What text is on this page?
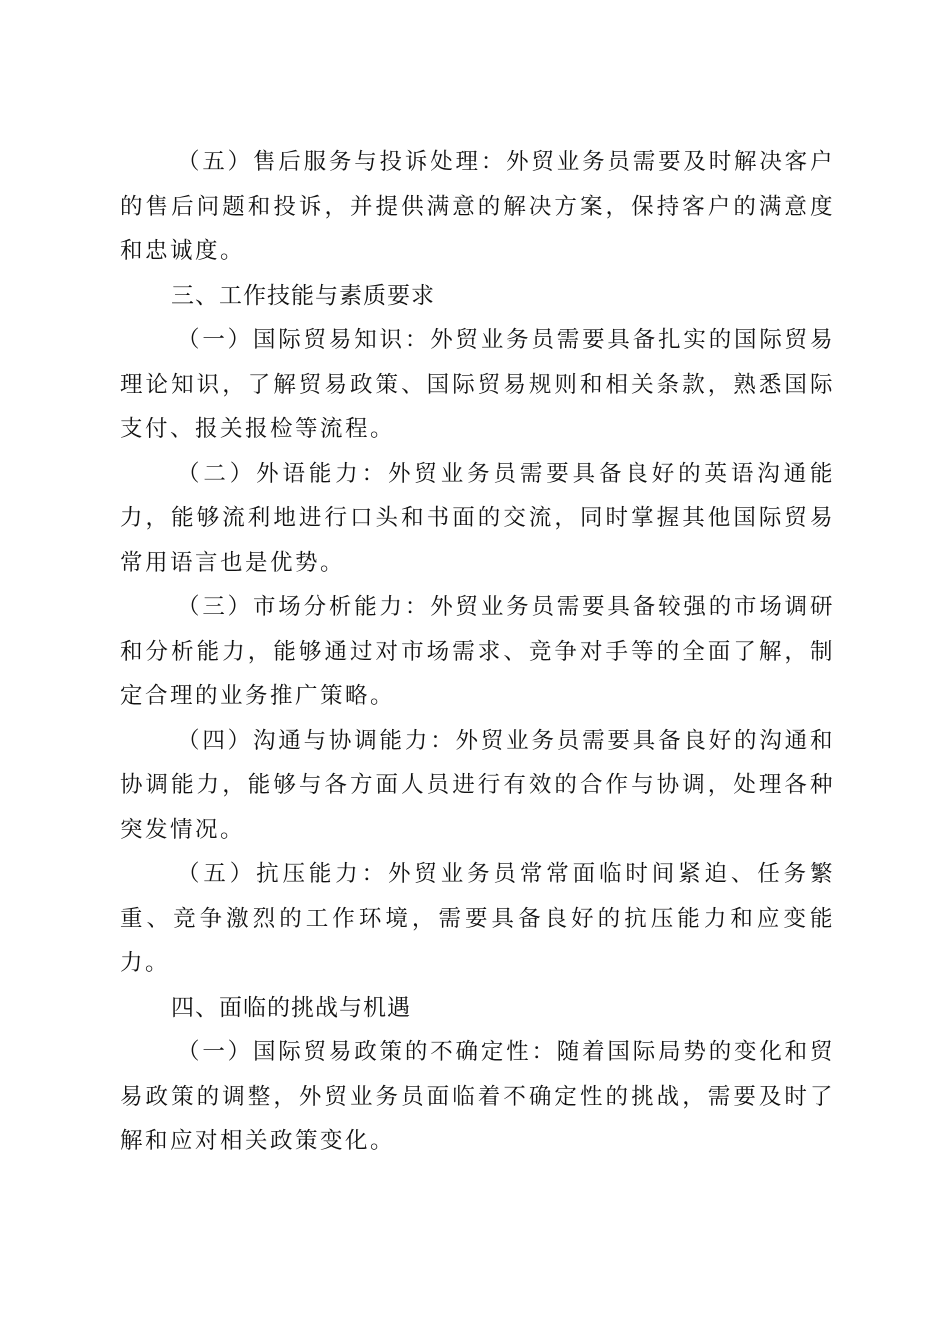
（五）售后服务与投诉处理：外贸业务员需要及时解决客户的售后问题和投诉，并提供满意的解决方案，保持客户的满意度和忠诚度。

三、工作技能与素质要求

（一）国际贸易知识：外贸业务员需要具备扎实的国际贸易理论知识，了解贸易政策、国际贸易规则和相关条款，熟悉国际支付、报关报检等流程。

（二）外语能力：外贸业务员需要具备良好的英语沟通能力，能够流利地进行口头和书面的交流，同时掌握其他国际贸易常用语言也是优势。

（三）市场分析能力：外贸业务员需要具备较强的市场调研和分析能力，能够通过对市场需求、竞争对手等的全面了解，制定合理的业务推广策略。

（四）沟通与协调能力：外贸业务员需要具备良好的沟通和协调能力，能够与各方面人员进行有效的合作与协调，处理各种突发情况。

（五）抗压能力：外贸业务员常常面临时间紧迫、任务繁重、竞争激烈的工作环境，需要具备良好的抗压能力和应变能力。

四、面临的挑战与机遇

（一）国际贸易政策的不确定性：随着国际局势的变化和贸易政策的调整，外贸业务员面临着不确定性的挑战，需要及时了解和应对相关政策变化。
